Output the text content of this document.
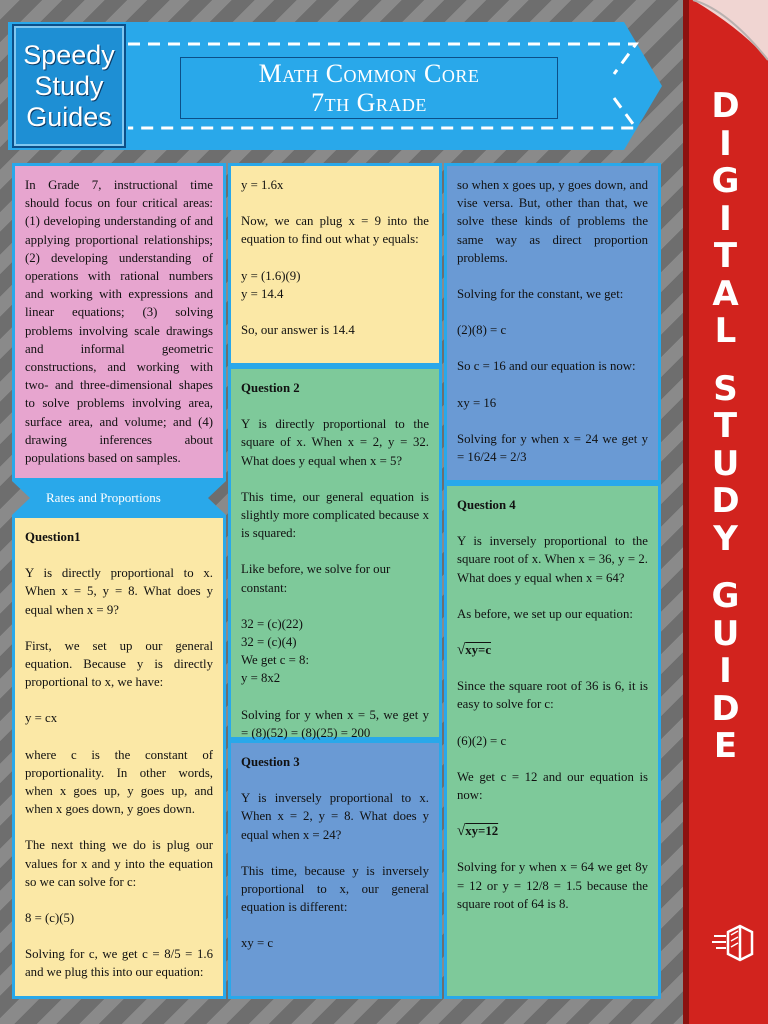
Speedy
Study
Guides
Math Common Core
7th Grade

In Grade 7, instructional time should focus on four critical areas: (1) developing understanding of and applying proportional relationships; (2) developing understanding of operations with rational numbers and working with expressions and linear equations; (3) solving problems involving scale drawings and informal geometric constructions, and working with two- and three-dimensional shapes to solve problems involving area, surface area, and volume; and (4) drawing inferences about populations based on samples.

Rates and Proportions

Question1

Y is directly proportional to x. When x = 5, y = 8. What does y equal when x = 9?

First, we set up our general equation. Because y is directly proportional to x, we have:

y = cx

where c is the constant of proportionality. In other words, when x goes up, y goes up, and when x goes down, y goes down.

The next thing we do is plug our values for x and y into the equation so we can solve for c:

8 = (c)(5)

Solving for c, we get c = 8/5 = 1.6 and we plug this into our equation:

y = 1.6x

Now, we can plug x = 9 into the equation to find out what y equals:

y = (1.6)(9)
y = 14.4

So, our answer is 14.4

Question 2

Y is directly proportional to the square of x. When x = 2, y = 32. What does y equal when x = 5?

This time, our general equation is slightly more complicated because x is squared:

Like before, we solve for our constant:

32 = (c)(22)
32 = (c)(4)
We get c = 8:
y = 8x2

Solving for y when x = 5, we get y = (8)(52) = (8)(25) = 200

Question 3

Y is inversely proportional to x. When x = 2, y = 8. What does y equal when x = 24?

This time, because y is inversely proportional to x, our general equation is different:

xy = c

so when x goes up, y goes down, and vise versa. But, other than that, we solve these kinds of problems the same way as direct proportion problems.

Solving for the constant, we get:

(2)(8) = c

So c = 16 and our equation is now:

xy = 16

Solving for y when x = 24 we get y = 16/24 = 2/3

Question 4

Y is inversely proportional to the square root of x. When x = 36, y = 2. What does y equal when x = 64?

As before, we set up our equation:

√xy=c

Since the square root of 36 is 6, it is easy to solve for c:

(6)(2) = c

We get c = 12 and our equation is now:

√xy=12

Solving for y when x = 64 we get 8y = 12 or y = 12/8 = 1.5 because the square root of 64 is 8.

D
I
G
I
T
A
L
S
T
U
D
Y
G
U
I
D
E
